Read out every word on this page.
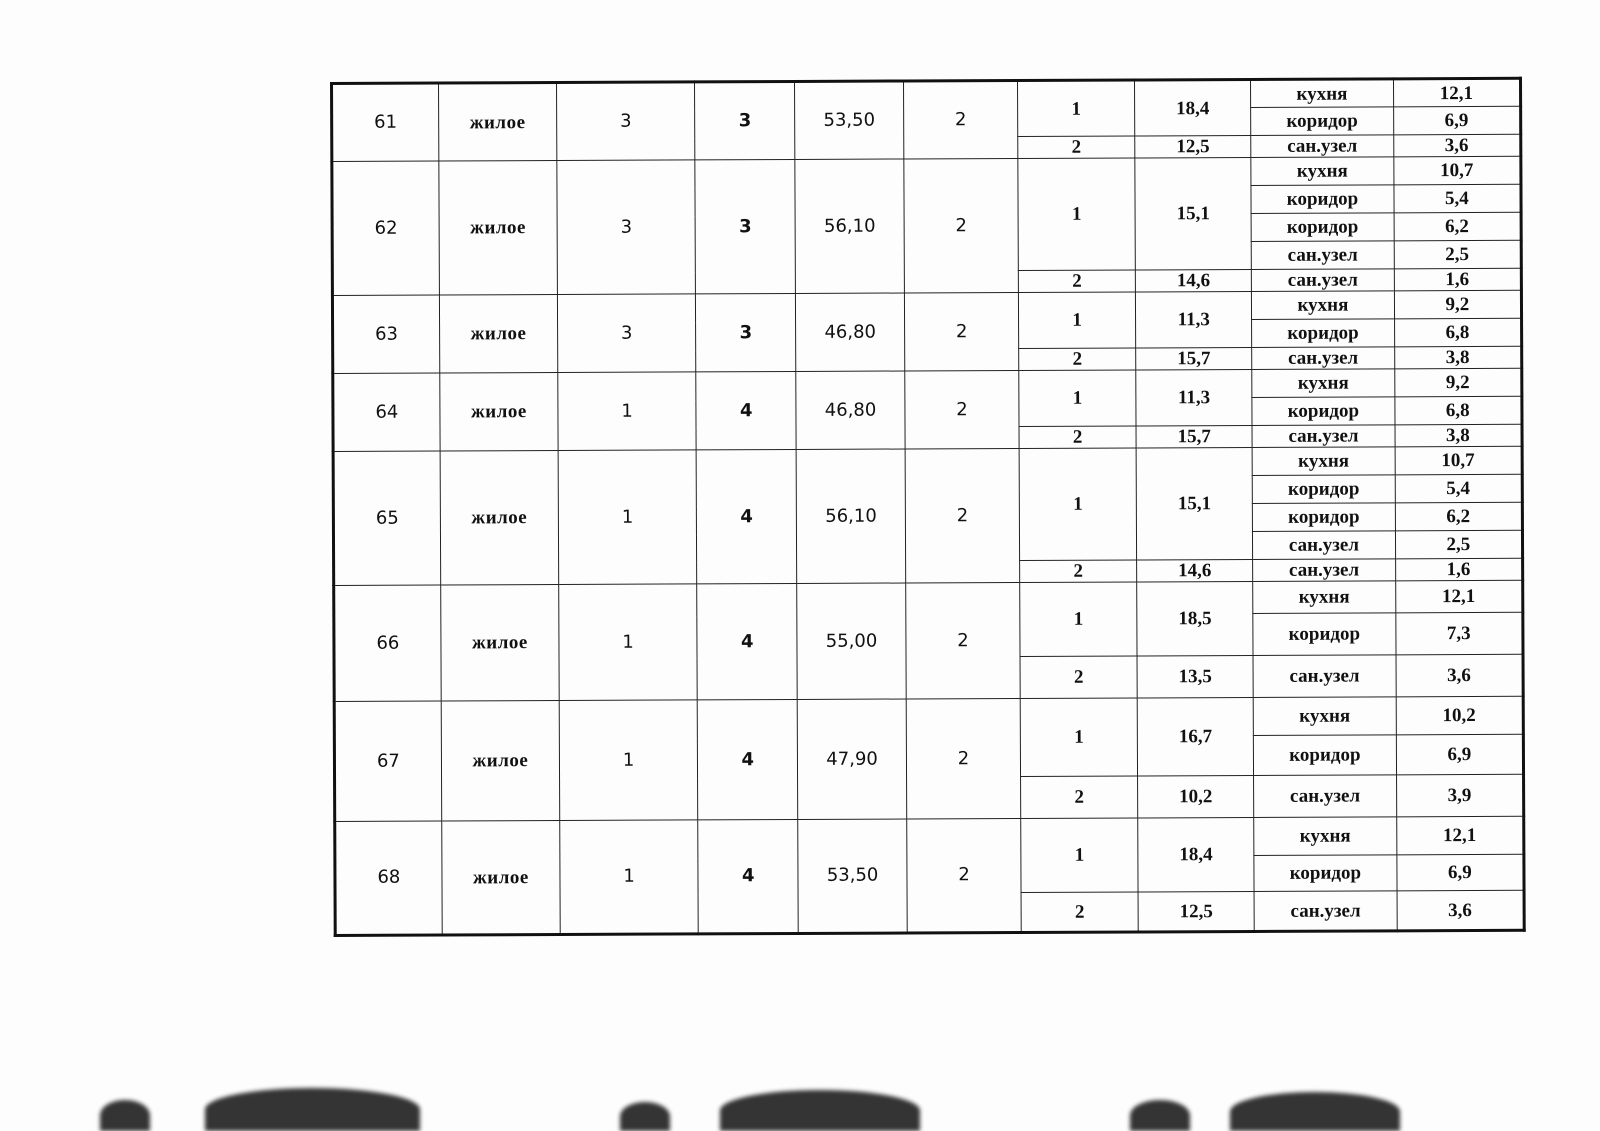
61	жилое	3	3	53,50	2	1	18,4	кухня	12,1
								коридор	6,9
						2	12,5	сан.узел	3,6
62	жилое	3	3	56,10	2	1	15,1	кухня	10,7
								коридор	5,4
								коридор	6,2
								сан.узел	2,5
						2	14,6	сан.узел	1,6
63	жилое	3	3	46,80	2	1	11,3	кухня	9,2
								коридор	6,8
						2	15,7	сан.узел	3,8
64	жилое	1	4	46,80	2	1	11,3	кухня	9,2
								коридор	6,8
						2	15,7	сан.узел	3,8
65	жилое	1	4	56,10	2	1	15,1	кухня	10,7
								коридор	5,4
								коридор	6,2
								сан.узел	2,5
						2	14,6	сан.узел	1,6
66	жилое	1	4	55,00	2	1	18,5	кухня	12,1
								коридор	7,3
						2	13,5	сан.узел	3,6
67	жилое	1	4	47,90	2	1	16,7	кухня	10,2
								коридор	6,9
						2	10,2	сан.узел	3,9
68	жилое	1	4	53,50	2	1	18,4	кухня	12,1
								коридор	6,9
						2	12,5	сан.узел	3,6
